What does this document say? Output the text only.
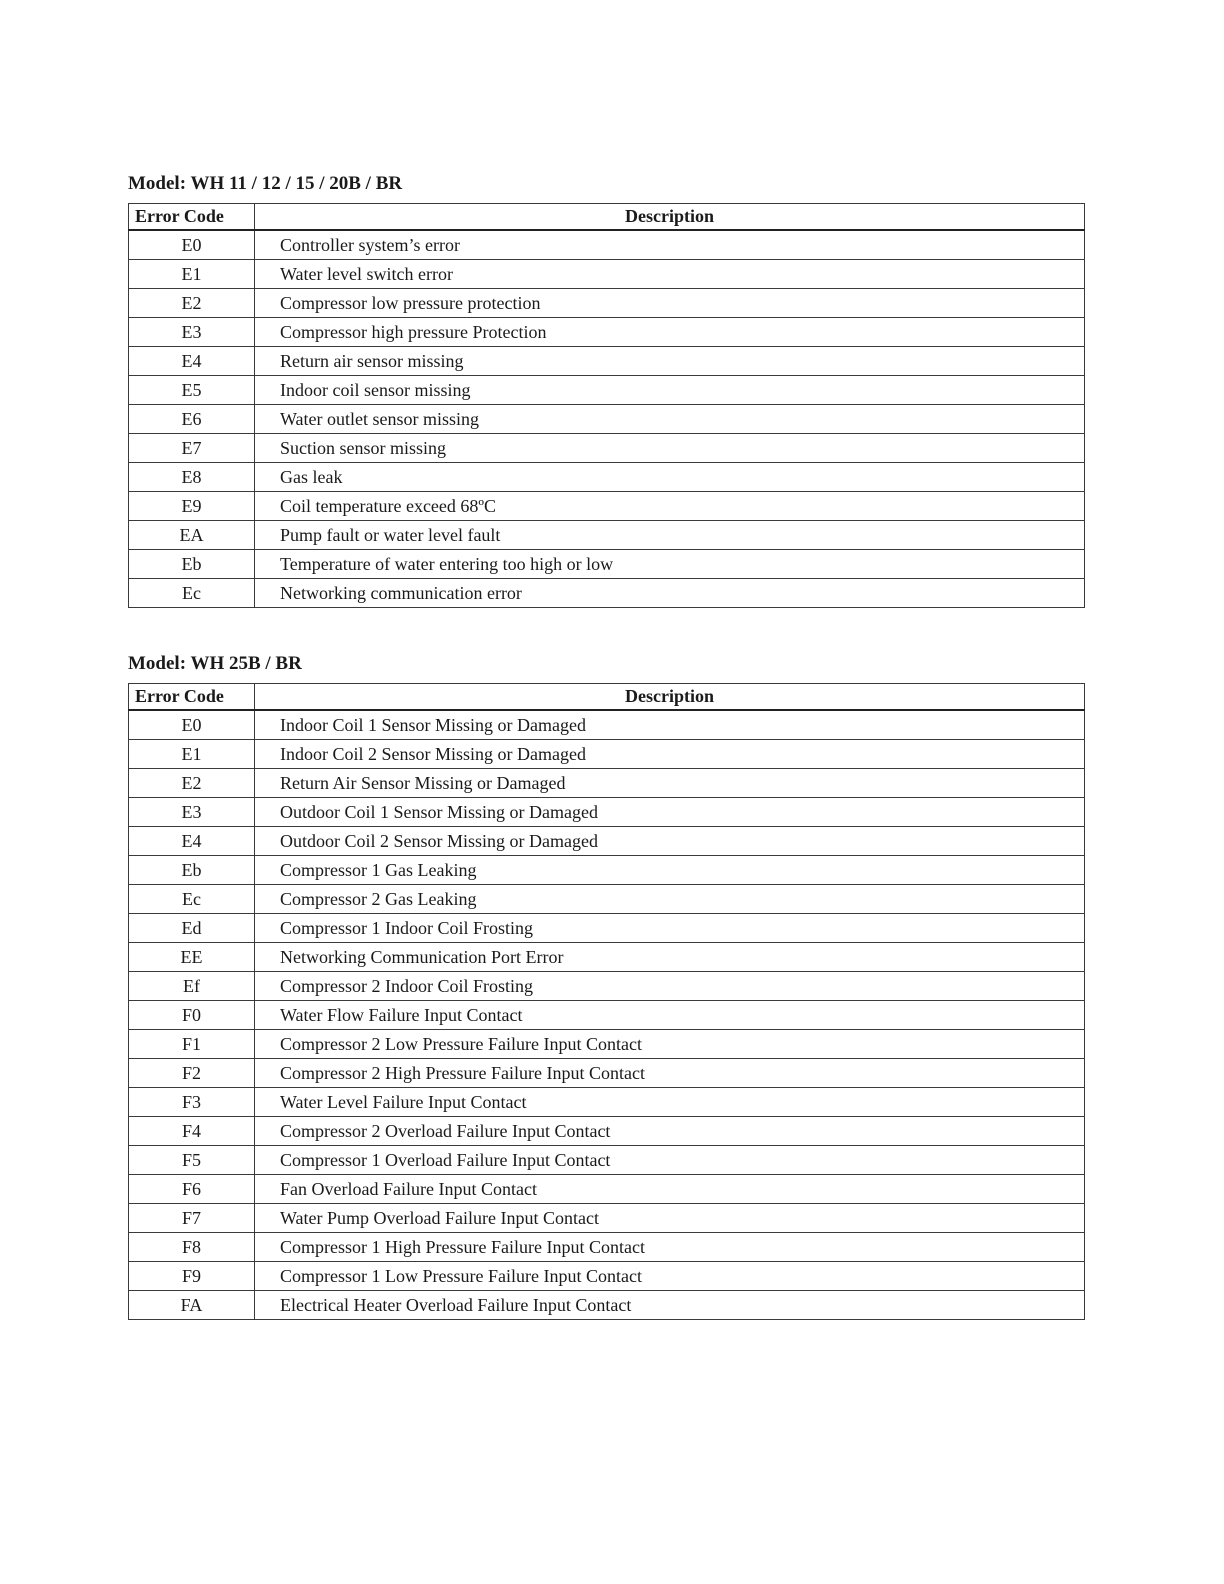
Model: WH 11 / 12 / 15 / 20B / BR
Error Code	Description
E0	Controller system’s error
E1	Water level switch error
E2	Compressor low pressure protection
E3	Compressor high pressure Protection
E4	Return air sensor missing
E5	Indoor coil sensor missing
E6	Water outlet sensor missing
E7	Suction sensor missing
E8	Gas leak
E9	Coil temperature exceed 68ºC
EA	Pump fault or water level fault
Eb	Temperature of water entering too high or low
Ec	Networking communication error
Model: WH 25B / BR
Error Code	Description
E0	Indoor Coil 1 Sensor Missing or Damaged
E1	Indoor Coil 2 Sensor Missing or Damaged
E2	Return Air Sensor Missing or Damaged
E3	Outdoor Coil 1 Sensor Missing or Damaged
E4	Outdoor Coil 2 Sensor Missing or Damaged
Eb	Compressor 1 Gas Leaking
Ec	Compressor 2 Gas Leaking
Ed	Compressor 1 Indoor Coil Frosting
EE	Networking Communication Port Error
Ef	Compressor 2 Indoor Coil Frosting
F0	Water Flow Failure Input Contact
F1	Compressor 2 Low Pressure Failure Input Contact
F2	Compressor 2 High Pressure Failure Input Contact
F3	Water Level Failure Input Contact
F4	Compressor 2 Overload Failure Input Contact
F5	Compressor 1 Overload Failure Input Contact
F6	Fan Overload Failure Input Contact
F7	Water Pump Overload Failure Input Contact
F8	Compressor 1 High Pressure Failure Input Contact
F9	Compressor 1 Low Pressure Failure Input Contact
FA	Electrical Heater Overload Failure Input Contact
